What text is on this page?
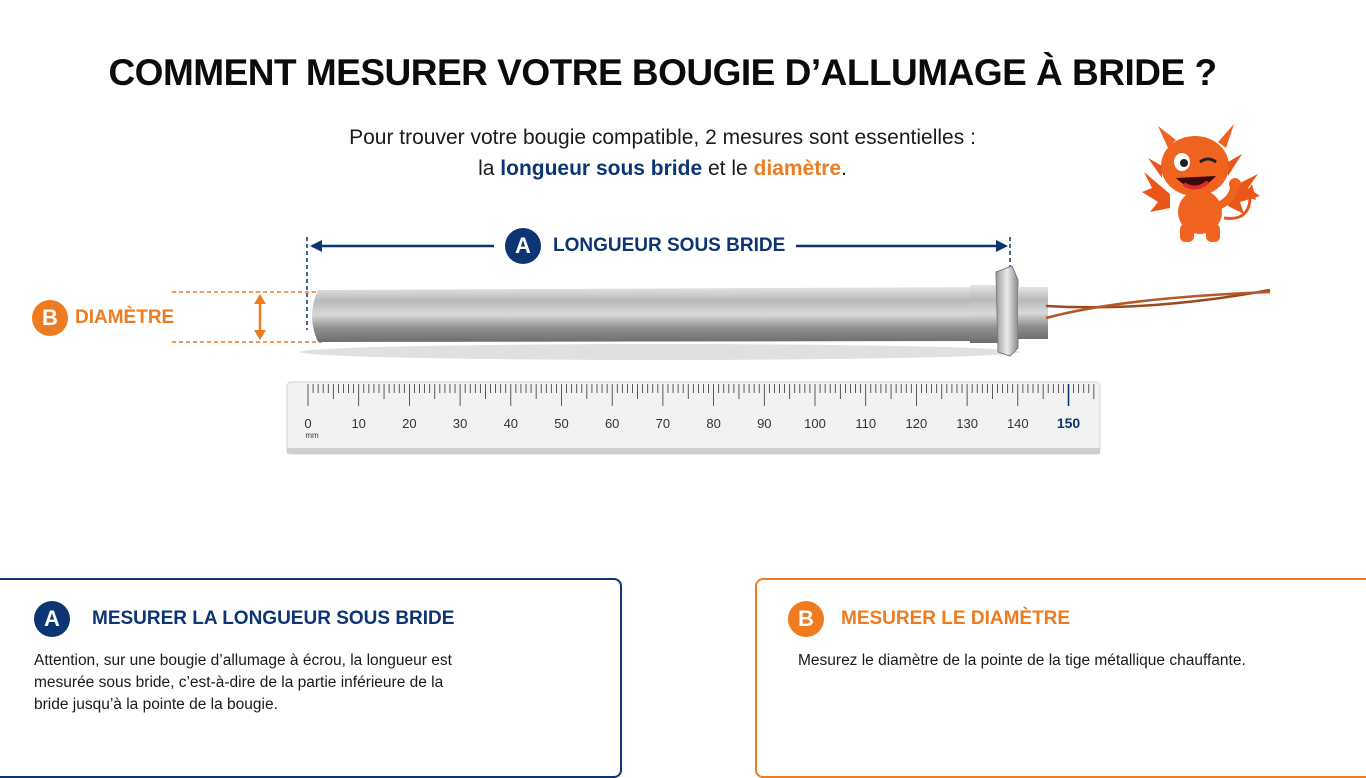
COMMENT MESURER VOTRE BOUGIE D’ALLUMAGE À BRIDE ?
Pour trouver votre bougie compatible, 2 mesures sont essentielles :
la longueur sous bride et le diamètre.
0	10	20	30	40	50	60	70	80	90	100 110 120 130 140 150
mm
A	LONGUEUR SOUS BRIDE
B DIAMÈTRE
A	MESURER LA LONGUEUR SOUS BRIDE
Attention, sur une bougie d’allumage à écrou, la longueur est mesurée sous bride, c’est-à-dire de la partie inférieure de la bride jusqu’à la pointe de la bougie.
B	MESURER LE DIAMÈTRE
Mesurez le diamètre de la pointe de la tige métallique chauffante.
